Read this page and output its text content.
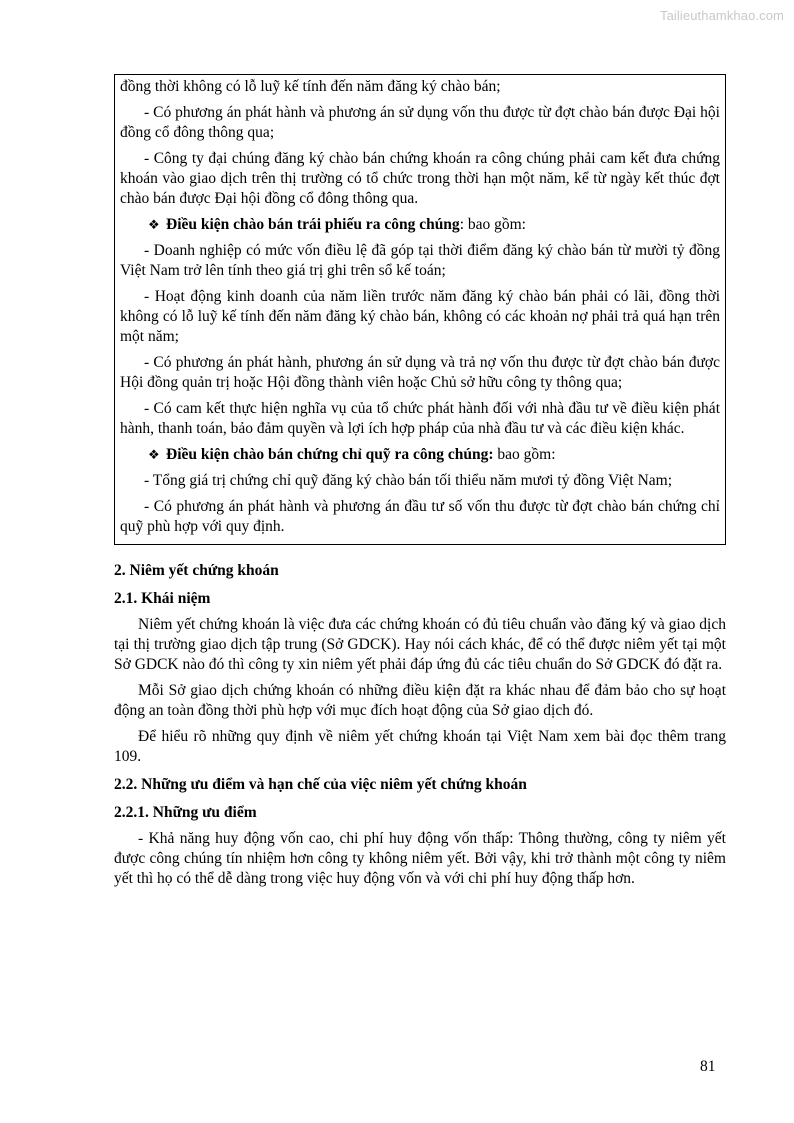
Tailieuthamkhao.com

đồng thời không có lỗ luỹ kế tính đến năm đăng ký chào bán;

- Có phương án phát hành và phương án sử dụng vốn thu được từ đợt chào bán được Đại hội đồng cổ đông thông qua;

- Công ty đại chúng đăng ký chào bán chứng khoán ra công chúng phải cam kết đưa chứng khoán vào giao dịch trên thị trường có tổ chức trong thời hạn một năm, kể từ ngày kết thúc đợt chào bán được Đại hội đồng cổ đông thông qua.

❖ Điều kiện chào bán trái phiếu ra công chúng: bao gồm:

- Doanh nghiệp có mức vốn điều lệ đã góp tại thời điểm đăng ký chào bán từ mười tỷ đồng Việt Nam trở lên tính theo giá trị ghi trên sổ kế toán;

- Hoạt động kinh doanh của năm liền trước năm đăng ký chào bán phải có lãi, đồng thời không có lỗ luỹ kế tính đến năm đăng ký chào bán, không có các khoản nợ phải trả quá hạn trên một năm;

- Có phương án phát hành, phương án sử dụng và trả nợ vốn thu được từ đợt chào bán được Hội đồng quản trị hoặc Hội đồng thành viên hoặc Chủ sở hữu công ty thông qua;

- Có cam kết thực hiện nghĩa vụ của tổ chức phát hành đối với nhà đầu tư về điều kiện phát hành, thanh toán, bảo đảm quyền và lợi ích hợp pháp của nhà đầu tư và các điều kiện khác.

❖ Điều kiện chào bán chứng chỉ quỹ ra công chúng: bao gồm:

- Tổng giá trị chứng chỉ quỹ đăng ký chào bán tối thiểu năm mươi tỷ đồng Việt Nam;

- Có phương án phát hành và phương án đầu tư số vốn thu được từ đợt chào bán chứng chỉ quỹ phù hợp với quy định.

2. Niêm yết chứng khoán

2.1. Khái niệm

Niêm yết chứng khoán là việc đưa các chứng khoán có đủ tiêu chuẩn vào đăng ký và giao dịch tại thị trường giao dịch tập trung (Sở GDCK). Hay nói cách khác, để có thể được niêm yết tại một Sở GDCK nào đó thì công ty xin niêm yết phải đáp ứng đủ các tiêu chuẩn do Sở GDCK đó đặt ra.

Mỗi Sở giao dịch chứng khoán có những điều kiện đặt ra khác nhau để đảm bảo cho sự hoạt động an toàn đồng thời phù hợp với mục đích hoạt động của Sở giao dịch đó.

Để hiểu rõ những quy định về niêm yết chứng khoán tại Việt Nam xem bài đọc thêm trang 109.

2.2. Những ưu điểm và hạn chế của việc niêm yết chứng khoán

2.2.1. Những ưu điểm

- Khả năng huy động vốn cao, chi phí huy động vốn thấp: Thông thường, công ty niêm yết được công chúng tín nhiệm hơn công ty không niêm yết. Bởi vậy, khi trở thành một công ty niêm yết thì họ có thể dễ dàng trong việc huy động vốn và với chi phí huy động thấp hơn.

81
